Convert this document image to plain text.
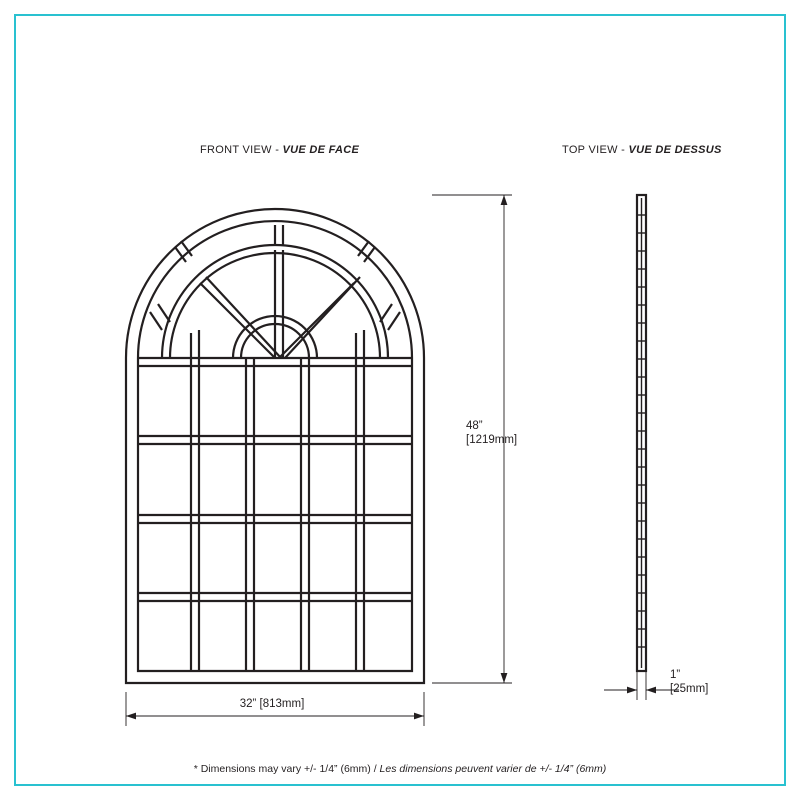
FRONT VIEW - VUE DE FACE	TOP VIEW - VUE DE DESSUS
48”
[1219mm]
32” [813mm]
1”
[25mm]
* Dimensions may vary +/- 1/4” (6mm) / Les dimensions peuvent varier de +/- 1/4” (6mm)
